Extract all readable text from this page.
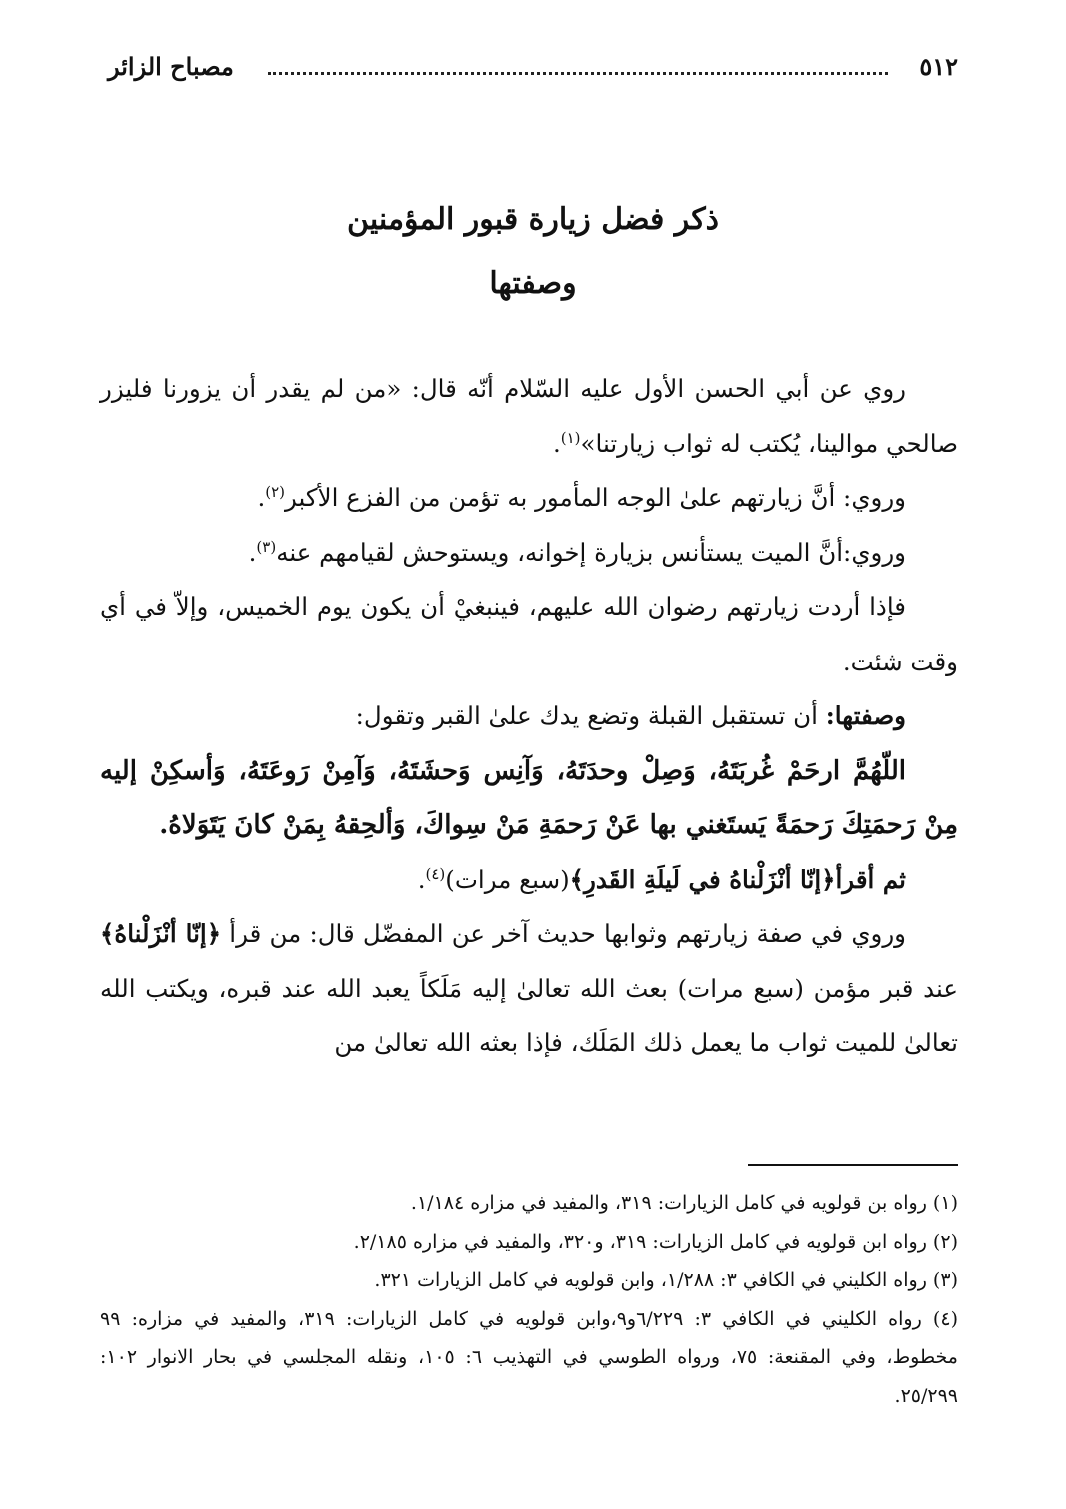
٥١٢
مصباح الزائر
ذكر فضل زيارة قبور المؤمنين
وصفتها

روي عن أبي الحسن الأول عليه السّلام أنّه قال: «من لم يقدر أن يزورنا فليزر صالحي موالينا، يُكتب له ثواب زيارتنا»$^{(١)}$.

وروي: أنَّ زيارتهم علىٰ الوجه المأمور به تؤمن من الفزع الأكبر$^{(٢)}$.

وروي:أنَّ الميت يستأنس بزيارة إخوانه، ويستوحش لقيامهم عنه$^{(٣)}$.

فإذا أردت زيارتهم رضوان الله عليهم، فينبغيْ أن يكون يوم الخميس، وإلاّ في أي وقت شئت.

وصفتها: أن تستقبل القبلة وتضع يدك علىٰ القبر وتقول:

اللّهُمَّ ارحَمْ غُربَتَهُ، وَصِلْ وحدَتَهُ، وَآنِس وَحشَتَهُ، وَآمِنْ رَوعَتَهُ، وَأسكِنْ إليه مِنْ رَحمَتِكَ رَحمَةً يَستَغني بها عَنْ رَحمَةِ مَنْ سِواكَ، وَألحِقهُ بِمَنْ كانَ يَتَوَلاهُ.

ثم أقرأ﴿إنّا أنْزَلْناهُ في لَيلَةِ القَدرِ﴾(سبع مرات)$^{(٤)}$.

وروي في صفة زيارتهم وثوابها حديث آخر عن المفضّل قال: من قرأ ﴿إنّا أنْزَلْناهُ﴾ عند قبر مؤمن (سبع مرات) بعث الله تعالىٰ إليه مَلَكاً يعبد الله عند قبره، ويكتب الله تعالىٰ للميت ثواب ما يعمل ذلك المَلَك، فإذا بعثه الله تعالىٰ من

(١) رواه بن قولويه في كامل الزيارات: ٣١٩، والمفيد في مزاره ١/١٨٤.

(٢) رواه ابن قولويه في كامل الزيارات: ٣١٩، و٣٢٠، والمفيد في مزاره ٢/١٨٥.

(٣) رواه الكليني في الكافي ٣: ١/٢٨٨، وابن قولويه في كامل الزيارات ٣٢١.

(٤) رواه الكليني في الكافي ٣: ٦/٢٢٩و٩،وابن قولويه في كامل الزيارات: ٣١٩، والمفيد في مزاره: ٩٩ مخطوط، وفي المقنعة: ٧٥، ورواه الطوسي في التهذيب ٦: ١٠٥، ونقله المجلسي في بحار الانوار ١٠٢: ٢٥/٢٩٩.
